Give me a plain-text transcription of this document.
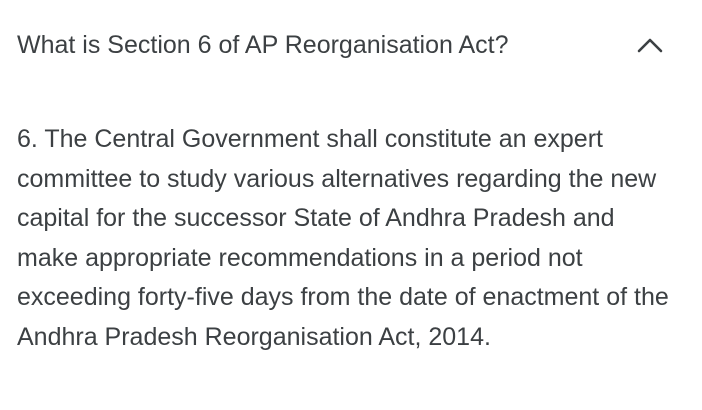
What is Section 6 of AP Reorganisation Act?
6. The Central Government shall constitute an expert committee to study various alternatives regarding the new capital for the successor State of Andhra Pradesh and make appropriate recommendations in a period not exceeding forty-five days from the date of enactment of the Andhra Pradesh Reorganisation Act, 2014.
